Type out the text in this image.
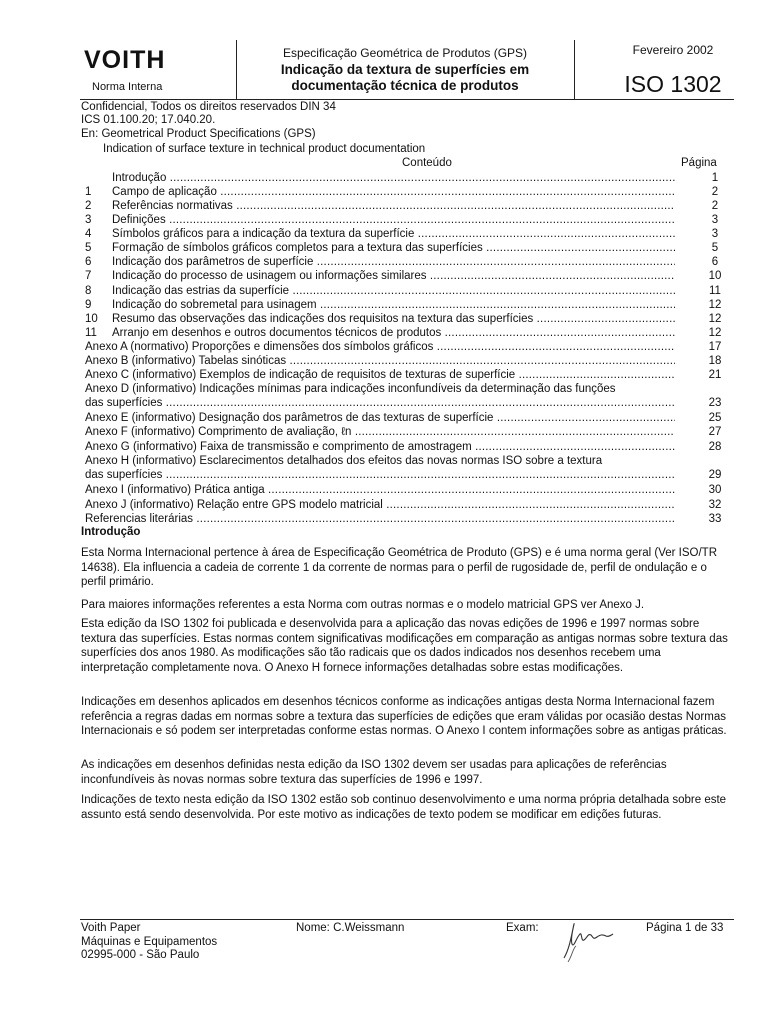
VOITH
Norma Interna
Especificação Geométrica de Produtos (GPS)
Indicação da textura de superfícies em
documentação técnica de produtos
Fevereiro 2002
ISO 1302
Confidencial, Todos os direitos reservados DIN 34
ICS 01.100.20; 17.040.20.
En: Geometrical Product Specifications (GPS)
Indication of surface texture in technical product documentation
Conteúdo	Página
Introdução .....	1
1 Campo de aplicação .....	2
2 Referências normativas .....	2
3 Definições .....	3
4 Símbolos gráficos para a indicação da textura da superfície .....	3
5 Formação de símbolos gráficos completos para a textura das superfícies .....	5
6 Indicação dos parâmetros de superfície .....	6
7 Indicação do processo de usinagem ou informações similares .....	10
8 Indicação das estrias da superfície .....	11
9 Indicação do sobremetal para usinagem .....	12
10 Resumo das observações das indicações dos requisitos na textura das superfícies .....	12
11 Arranjo em desenhos e outros documentos técnicos de produtos .....	12
Anexo A (normativo) Proporções e dimensões dos símbolos gráficos .....	17
Anexo B (informativo) Tabelas sinóticas .....	18
Anexo C (informativo) Exemplos de indicação de requisitos de texturas de superfície .....	21
Anexo D (informativo) Indicações mínimas para indicações inconfundíveis da determinação das funções
das superfícies .....	23
Anexo E (informativo) Designação dos parâmetros de das texturas de superfície .....	25
Anexo F (informativo) Comprimento de avaliação, ℓn .....	27
Anexo G (informativo) Faixa de transmissão e comprimento de amostragem .....	28
Anexo H (informativo) Esclarecimentos detalhados dos efeitos das novas normas ISO sobre a textura
das superfícies .....	29
Anexo I (informativo) Prática antiga .....	30
Anexo J (informativo) Relação entre GPS modelo matricial .....	32
Referencias literárias .....	33
Introdução
Esta Norma Internacional pertence à área de Especificação Geométrica de Produto (GPS) e é uma norma geral (Ver ISO/TR 14638). Ela influencia a cadeia de corrente 1 da corrente de normas para o perfil de rugosidade de, perfil de ondulação e o perfil primário.
Para maiores informações referentes a esta Norma com outras normas e o modelo matricial GPS ver Anexo J.
Esta edição da ISO 1302 foi publicada e desenvolvida para a aplicação das novas edições de 1996 e 1997 normas sobre textura das superfícies. Estas normas contem significativas modificações em comparação as antigas normas sobre textura das superfícies dos anos 1980. As modificações são tão radicais que os dados indicados nos desenhos recebem uma interpretação completamente nova. O Anexo H fornece informações detalhadas sobre estas modificações.
Indicações em desenhos aplicados em desenhos técnicos conforme as indicações antigas desta Norma Internacional fazem referência a regras dadas em normas sobre a textura das superfícies de edições que eram válidas por ocasião destas Normas Internacionais e só podem ser interpretadas conforme estas normas. O Anexo I contem informações sobre as antigas práticas.
As indicações em desenhos definidas nesta edição da ISO 1302 devem ser usadas para aplicações de referências inconfundíveis às novas normas sobre textura das superfícies de 1996 e 1997.
Indicações de texto nesta edição da ISO 1302 estão sob continuo desenvolvimento e uma norma própria detalhada sobre este assunto está sendo desenvolvida. Por este motivo as indicações de texto podem se modificar em edições futuras.
Voith Paper
Máquinas e Equipamentos
02995-000 - São Paulo
Nome: C.Weissmann	Exam:	Página 1 de 33
